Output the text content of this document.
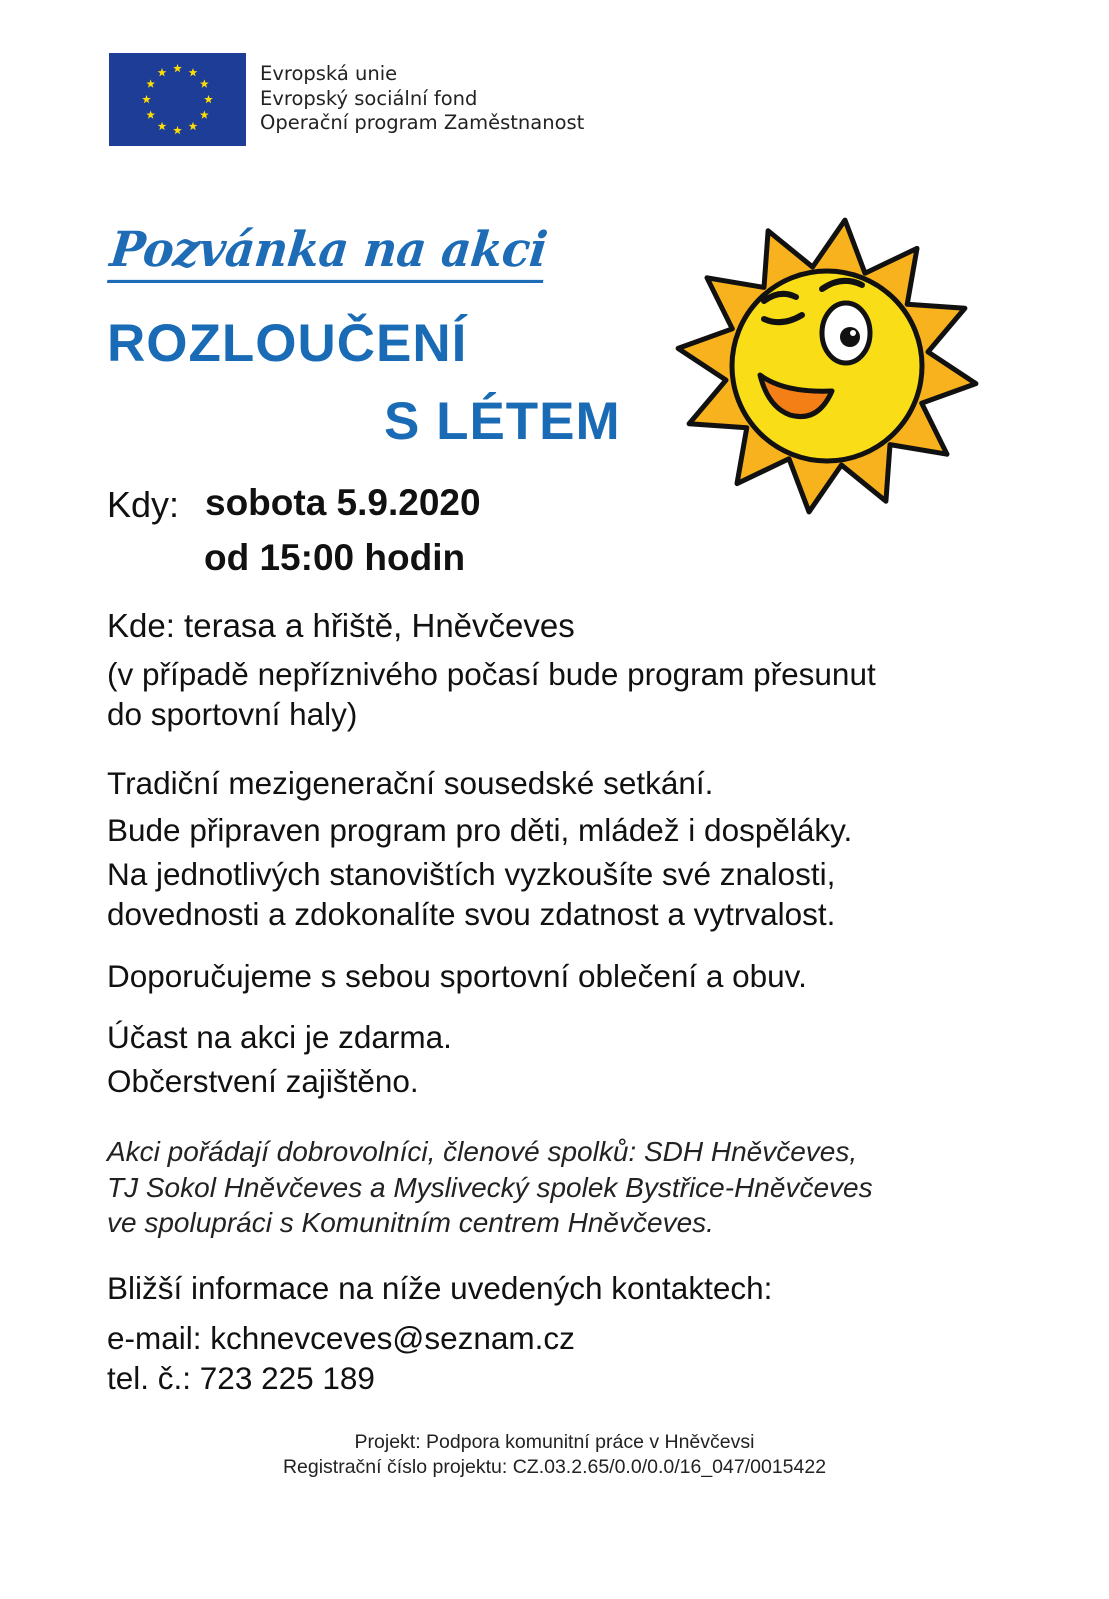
Evropská unie
Evropský sociální fond
Operační program Zaměstnanost
Pozvánka na akci
ROZLOUČENÍ
S LÉTEM
Kdy: sobota 5.9.2020
od 15:00 hodin
Kde: terasa a hřiště, Hněvčeves
(v případě nepříznivého počasí bude program přesunut
do sportovní haly)
Tradiční mezigenerační sousedské setkání.
Bude připraven program pro děti, mládež i dospěláky.
Na jednotlivých stanovištích vyzkoušíte své znalosti,
dovednosti a zdokonalíte svou zdatnost a vytrvalost.
Doporučujeme s sebou sportovní oblečení a obuv.
Účast na akci je zdarma.
Občerstvení zajištěno.
Akci pořádají dobrovolníci, členové spolků: SDH Hněvčeves,
TJ Sokol Hněvčeves a Myslivecký spolek Bystřice-Hněvčeves
ve spolupráci s Komunitním centrem Hněvčeves.
Bližší informace na níže uvedených kontaktech:
e-mail: kchnevceves@seznam.cz
tel. č.: 723 225 189
Projekt: Podpora komunitní práce v Hněvčevsi
Registrační číslo projektu: CZ.03.2.65/0.0/0.0/16_047/0015422
